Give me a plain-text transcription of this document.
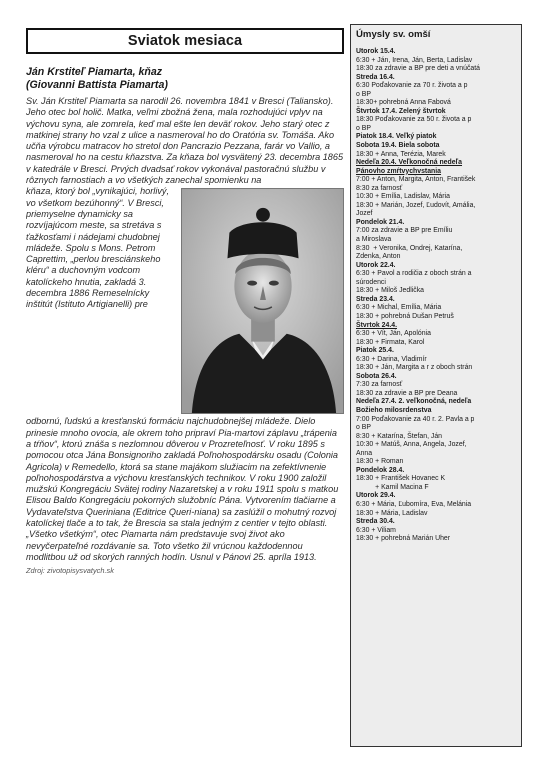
Sviatok mesiaca
Ján Krstiteľ Piamarta, kňaz
(Giovanni Battista Piamarta)

Sv. Ján Krstiteľ Piamarta sa narodil 26. novembra 1841 v Bresci (Taliansko). Jeho otec bol holič. Matka, veľmi zbožná žena, mala rozhodujúci vplyv na výchovu syna, ale zomrela, keď mal ešte len deväť rokov. Jeho starý otec z matkinej strany ho vzal z ulice a nasmeroval ho do Oratória sv. Tomáša. Ako učňa výrobcu matracov ho stretol don Pancrazio Pezzana, farár vo Vallio, a nasmeroval ho na cestu kňazstva. Za kňaza bol vysvätený 23. decembra 1865 v katedrále v Bresci. Prvých dvadsať rokov vykonával pastoračnú službu v rôznych farnostiach a vo všetkých zanechal spomienku na

kňaza, ktorý bol „vynikajúci, horlivý, vo všetkom bezúhonný“. V Bresci, priemyselne dynamicky sa rozvíjajúcom meste, sa stretáva s ťažkosťami i nádejami chudobnej mládeže. Spolu s Mons. Petrom Caprettim, „perlou bresciánskeho kléru“ a duchovným vodcom katolíckeho hnutia, zakladá 3. decembra 1886 Remeselnícky inštitút (Istituto Artigianelli) pre

odbornú, ľudskú a kresťanskú formáciu najchudobnejšej mládeže. Dielo prinesie mnoho ovocia, ale okrem toho pripraví Pia-martovi záplavu „trápenia a tŕňov“, ktorú znáša s nezlomnou dôverou v Prozreteľnosť. V roku 1895 s pomocou otca Jána Bonsignoriho zakladá Poľnohospodársku osadu (Colonia Agricola) v Remedello, ktorá sa stane majákom služiacim na zefektívnenie poľnohospodárstva a výchovu kresťanských technikov. V roku 1900 založil mužskú Kongregáciu Svätej rodiny Nazaretskej a v roku 1911 spolu s matkou Elisou Baldo Kongregáciu pokorných služobníc Pána. Vytvorením tlačiarne a Vydavateľstva Queriniana (Editrice Queri-niana) sa zaslúžil o mohutný rozvoj katolíckej tlače a to tak, že Brescia sa stala jedným z centier v tejto oblasti. „Všetko všetkým“, otec Piamarta nám predstavuje svoj život ako nevyčerpateľné rozdávanie sa. Toto všetko žil vrúcnou každodennou modlitbou už od skorých ranných hodín. Usnul v Pánovi 25. apríla 1913.

Zdroj: zivotopisysvatych.sk
Úmysly sv. omší
Utorok 15.4.
6:30 + Ján, Irena, Ján, Berta, Ladislav
18:30 za zdravie a BP pre deti a vnúčatá
Streda 16.4.
6:30 Poďakovanie za 70 r. života a p
o BP
18:30+ pohrebná Anna Fabová
Štvrtok 17.4. Zelený štvrtok
18:30 Poďakovanie za 50 r. života a p
o BP
Piatok 18.4. Veľký piatok
Sobota 19.4. Biela sobota
18:30 + Anna, Terézia, Marek
Nedeľa 20.4. Veľkonočná nedeľa
Pánovho zmŕtvychvstania
7:00 + Anton, Margita, Anton, František
8:30 za farnosť
10:30 + Emília, Ladislav, Mária
18:30 + Marián, Jozef, Ľudovít, Amália,
Jozef
Pondelok 21.4.
7:00 za zdravie a BP pre Emíliu
a Miroslava
8:30  + Veronika, Ondrej, Katarína,
Zdenka, Anton
Utorok 22.4.
6:30 + Pavol a rodičia z oboch strán a
súrodenci
18:30 + Miloš Jedlička
Streda 23.4.
6:30 + Michal, Emília, Mária
18:30 + pohrebná Dušan Petruš
Štvrtok 24.4.
6:30 + Vít, Ján, Apolónia
18:30 + Firmata, Karol
Piatok 25.4.
6:30 + Darina, Vladimír
18:30 + Ján, Margita a r z oboch strán
Sobota 26.4.
7:30 za farnosť
18:30 za zdravie a BP pre Deana
Nedeľa 27.4. 2. veľkonočná, nedeľa
Božieho milosrdenstva
7:00 Poďakovanie za 40 r. 2. Pavla a p
o BP
8:30 + Katarína, Štefan, Ján
10:30 + Matúš, Anna, Angela, Jozef,
Anna
18:30 + Roman
Pondelok 28.4.
18:30 + František Hovanec K
+ Kamil Macina F
Utorok 29.4.
6:30 + Mária, Ľubomíra, Eva, Melánia
18:30 + Mária, Ladislav
Streda 30.4.
6:30 + Viliam
18:30 + pohrebná Marián Uher
